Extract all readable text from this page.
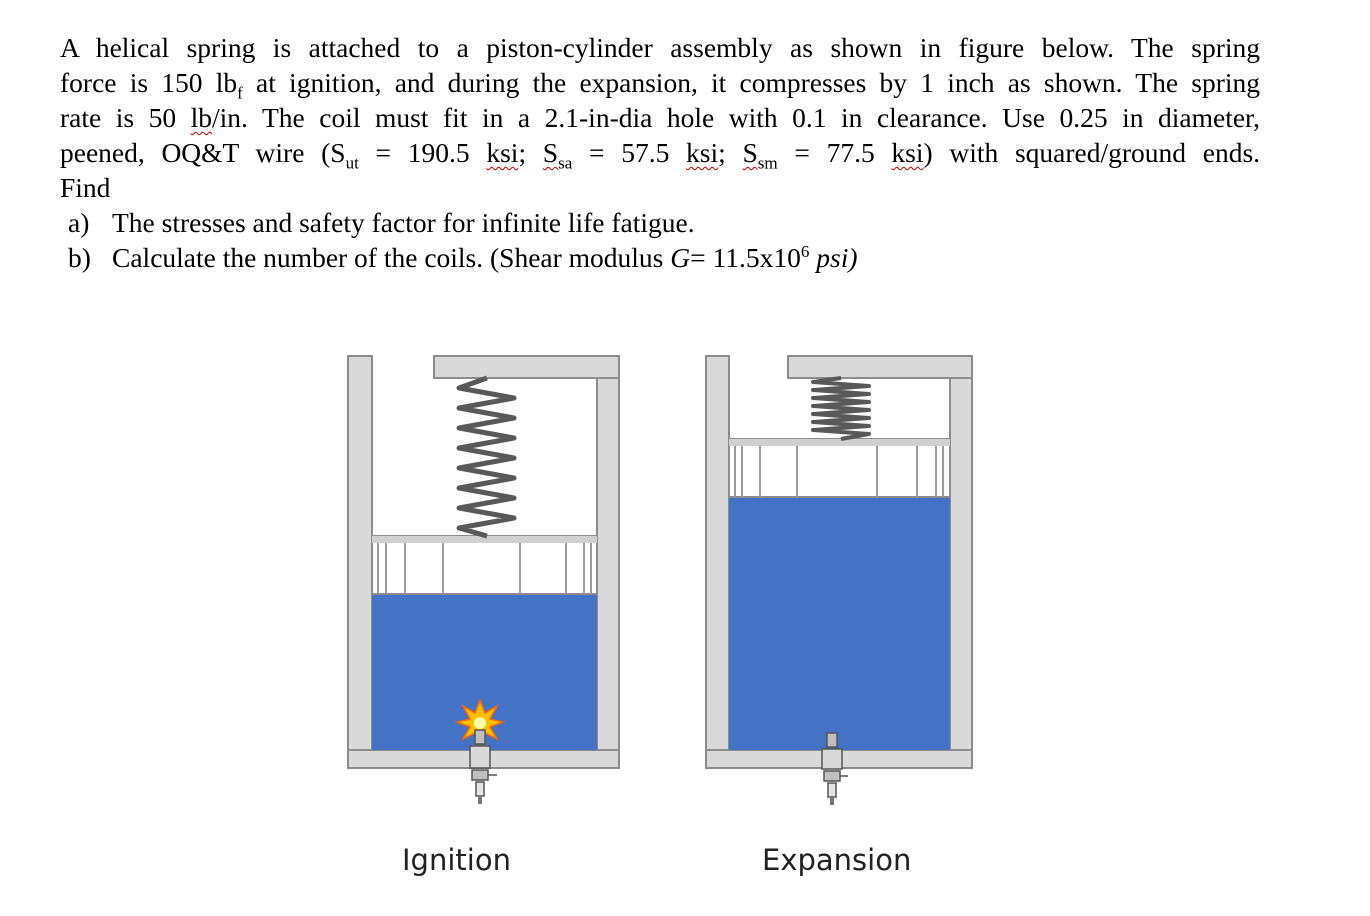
A helical spring is attached to a piston-cylinder assembly as shown in figure below. The spring

force is 150 $lb_f$ at ignition, and during the expansion, it compresses by 1 inch as shown. The spring

rate is 50 lb/in. The coil must fit in a 2.1-in-dia hole with 0.1 in clearance. Use 0.25 in diameter,

peened, OQ&T wire ($S_{ut} = 190.5$ ksi; $S_{sa} = 57.5$ ksi; $S_{sm} = 77.5$ ksi) with squared/ground ends.

Find

a) The stresses and safety factor for infinite life fatigue.
b) Calculate the number of the coils. (Shear modulus $G= 11.5x10^6$ psi)
Ignition	Expansion
